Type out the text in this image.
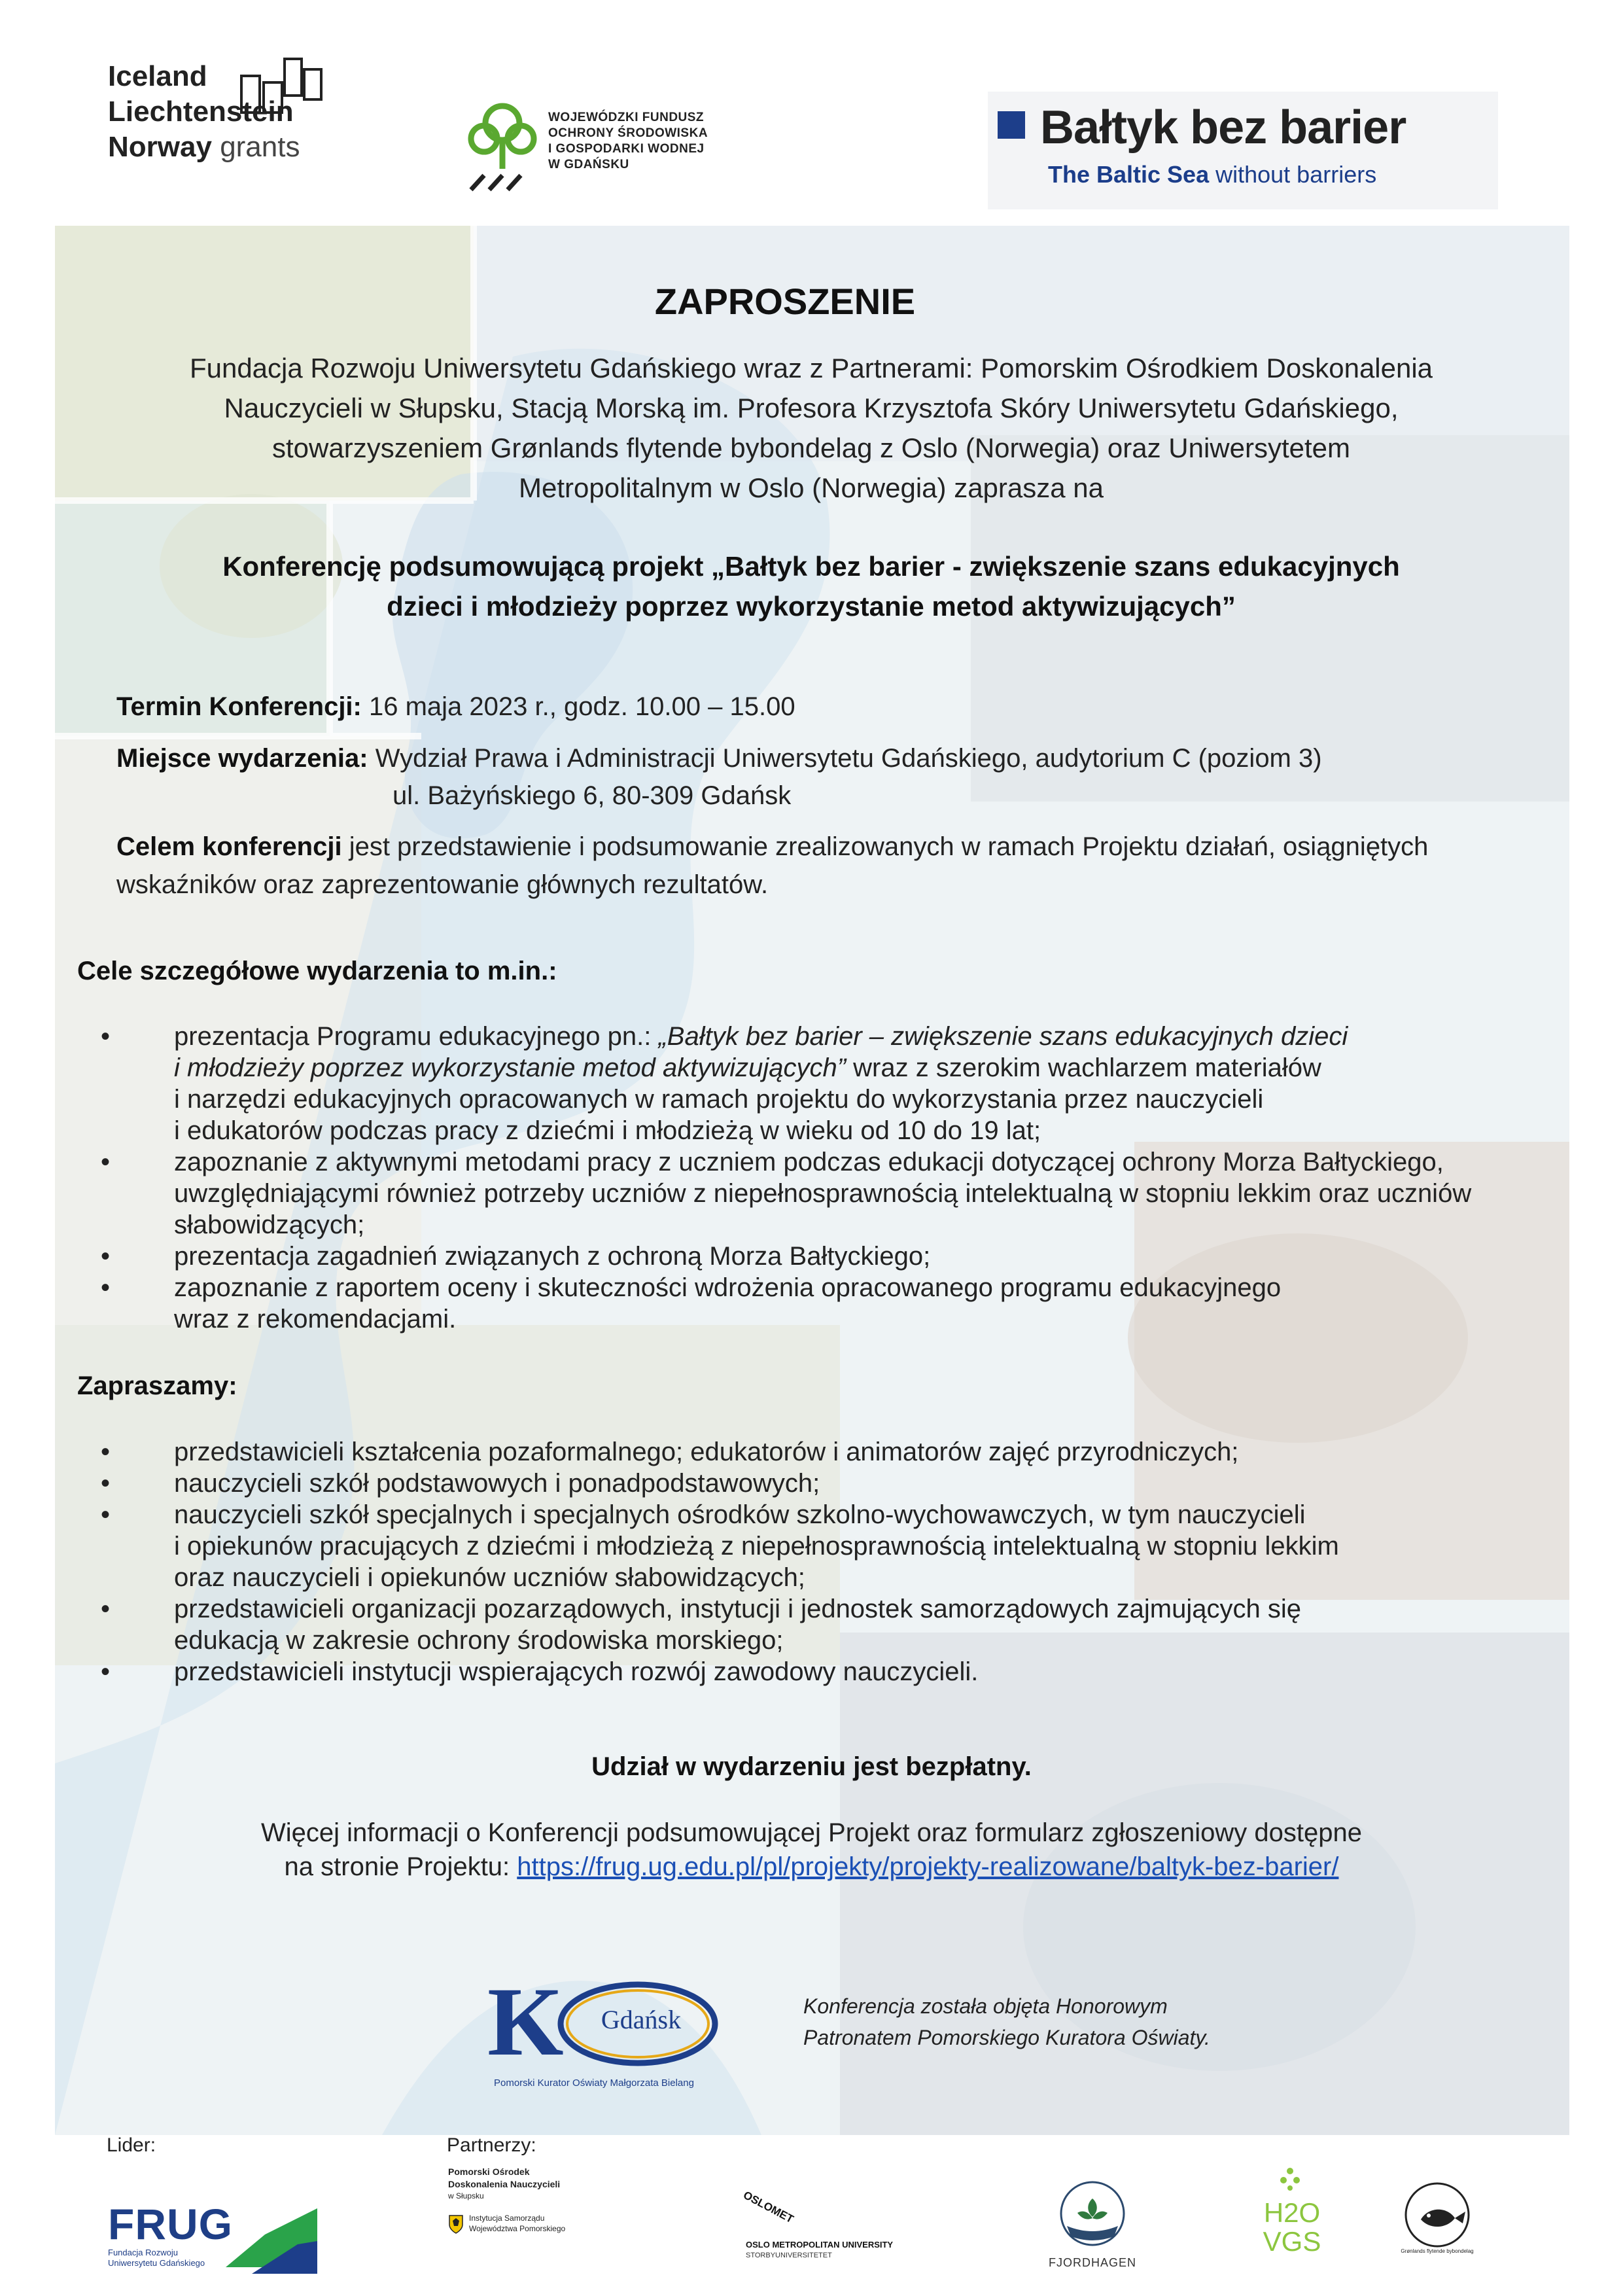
Iceland
Liechtenstein
Norway grants
WOJEWÓDZKI FUNDUSZ
OCHRONY ŚRODOWISKA
I GOSPODARKI WODNEJ
W GDAŃSKU
Bałtyk bez barier
The Baltic Sea without barriers
ZAPROSZENIE
Fundacja Rozwoju Uniwersytetu Gdańskiego wraz z Partnerami: Pomorskim Ośrodkiem Doskonalenia
Nauczycieli w Słupsku, Stacją Morską im. Profesora Krzysztofa Skóry Uniwersytetu Gdańskiego,
stowarzyszeniem Grønlands flytende bybondelag z Oslo (Norwegia) oraz Uniwersytetem
Metropolitalnym w Oslo (Norwegia) zaprasza na
Konferencję podsumowującą projekt „Bałtyk bez barier - zwiększenie szans edukacyjnych
dzieci i młodzieży poprzez wykorzystanie metod aktywizujących”
Termin Konferencji: 16 maja 2023 r., godz. 10.00 – 15.00
Miejsce wydarzenia: Wydział Prawa i Administracji Uniwersytetu Gdańskiego, audytorium C (poziom 3)
ul. Bażyńskiego 6, 80-309 Gdańsk
Celem konferencji jest przedstawienie i podsumowanie zrealizowanych w ramach Projektu działań, osiągniętych
wskaźników oraz zaprezentowanie głównych rezultatów.
Cele szczegółowe wydarzenia to m.in.:
• prezentacja Programu edukacyjnego pn.: „Bałtyk bez barier – zwiększenie szans edukacyjnych dzieci
i młodzieży poprzez wykorzystanie metod aktywizujących” wraz z szerokim wachlarzem materiałów
i narzędzi edukacyjnych opracowanych w ramach projektu do wykorzystania przez nauczycieli
i edukatorów podczas pracy z dziećmi i młodzieżą w wieku od 10 do 19 lat;
• zapoznanie z aktywnymi metodami pracy z uczniem podczas edukacji dotyczącej ochrony Morza Bałtyckiego,
uwzględniającymi również potrzeby uczniów z niepełnosprawnością intelektualną w stopniu lekkim oraz uczniów
słabowidzących;
• prezentacja zagadnień związanych z ochroną Morza Bałtyckiego;
• zapoznanie z raportem oceny i skuteczności wdrożenia opracowanego programu edukacyjnego
wraz z rekomendacjami.
Zapraszamy:
• przedstawicieli kształcenia pozaformalnego; edukatorów i animatorów zajęć przyrodniczych;
• nauczycieli szkół podstawowych i ponadpodstawowych;
• nauczycieli szkół specjalnych i specjalnych ośrodków szkolno-wychowawczych, w tym nauczycieli
i opiekunów pracujących z dziećmi i młodzieżą z niepełnosprawnością intelektualną w stopniu lekkim
oraz nauczycieli i opiekunów uczniów słabowidzących;
• przedstawicieli organizacji pozarządowych, instytucji i jednostek samorządowych zajmujących się
edukacją w zakresie ochrony środowiska morskiego;
• przedstawicieli instytucji wspierających rozwój zawodowy nauczycieli.
Udział w wydarzeniu jest bezpłatny.
Więcej informacji o Konferencji podsumowującej Projekt oraz formularz zgłoszeniowy dostępne
na stronie Projektu: https://frug.ug.edu.pl/pl/projekty/projekty-realizowane/baltyk-bez-barier/
K	Gdańsk
Pomorski Kurator Oświaty Małgorzata Bielang
Konferencja została objęta Honorowym
Patronatem Pomorskiego Kuratora Oświaty.
Lider:	Partnerzy:
FRUG
Fundacja Rozwoju
Uniwersytetu Gdańskiego
Pomorski Ośrodek
Doskonalenia Nauczycieli
w Słupsku
Instytucja Samorządu
Województwa Pomorskiego
OSLOMET
OSLO METROPOLITAN UNIVERSITY
STORBYUNIVERSITETET
FJORDHAGEN
H2O
VGS	Grønlands flytende bybondelag
